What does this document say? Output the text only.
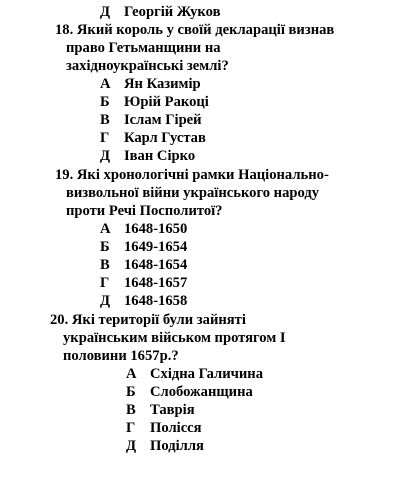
Д Георгій Жуков
18. Який король у своїй декларації визнав
право Гетьманщини на
західноукраїнські землі?
А Ян Казимір
Б Юрій Ракоці
В Іслам Гірей
Г Карл Густав
Д Іван Сірко
19. Які хронологічні рамки Національно-
визвольної війни українського народу
проти Речі Посполитої?
А 1648-1650
Б 1649-1654
В 1648-1654
Г 1648-1657
Д 1648-1658
20. Які території були зайняті
українським військом протягом І
половини 1657р.?
А Східна Галичина
Б Слобожанщина
В Таврія
Г Полісся
Д Поділля
